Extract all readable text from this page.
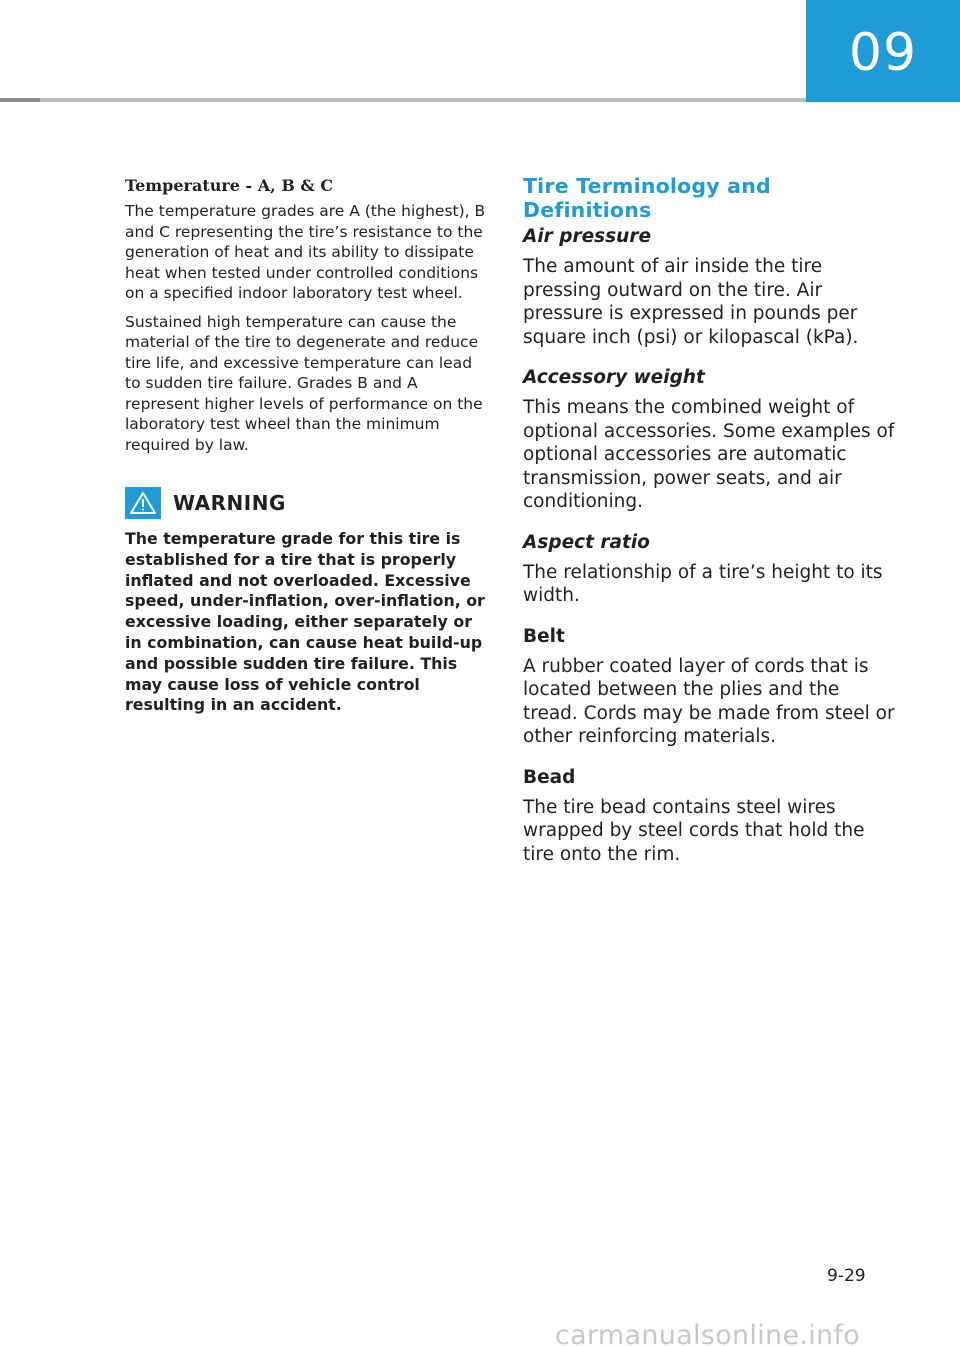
09
Temperature - A, B & C

The temperature grades are A (the highest), B and C representing the tire’s resistance to the generation of heat and its ability to dissipate heat when tested under controlled conditions on a specified indoor laboratory test wheel.

Sustained high temperature can cause the material of the tire to degenerate and reduce tire life, and excessive temperature can lead to sudden tire failure. Grades B and A represent higher levels of performance on the laboratory test wheel than the minimum required by law.

WARNING

The temperature grade for this tire is established for a tire that is properly inflated and not overloaded. Excessive speed, under-inflation, over-inflation, or excessive loading, either separately or in combination, can cause heat build-up and possible sudden tire failure. This may cause loss of vehicle control resulting in an accident.

Tire Terminology and Definitions
Air pressure

The amount of air inside the tire pressing outward on the tire. Air pressure is expressed in pounds per square inch (psi) or kilopascal (kPa).

Accessory weight

This means the combined weight of optional accessories. Some examples of optional accessories are automatic transmission, power seats, and air conditioning.

Aspect ratio

The relationship of a tire’s height to its width.

Belt

A rubber coated layer of cords that is located between the plies and the tread. Cords may be made from steel or other reinforcing materials.

Bead

The tire bead contains steel wires wrapped by steel cords that hold the tire onto the rim.

9-29
carmanualsonline.info
